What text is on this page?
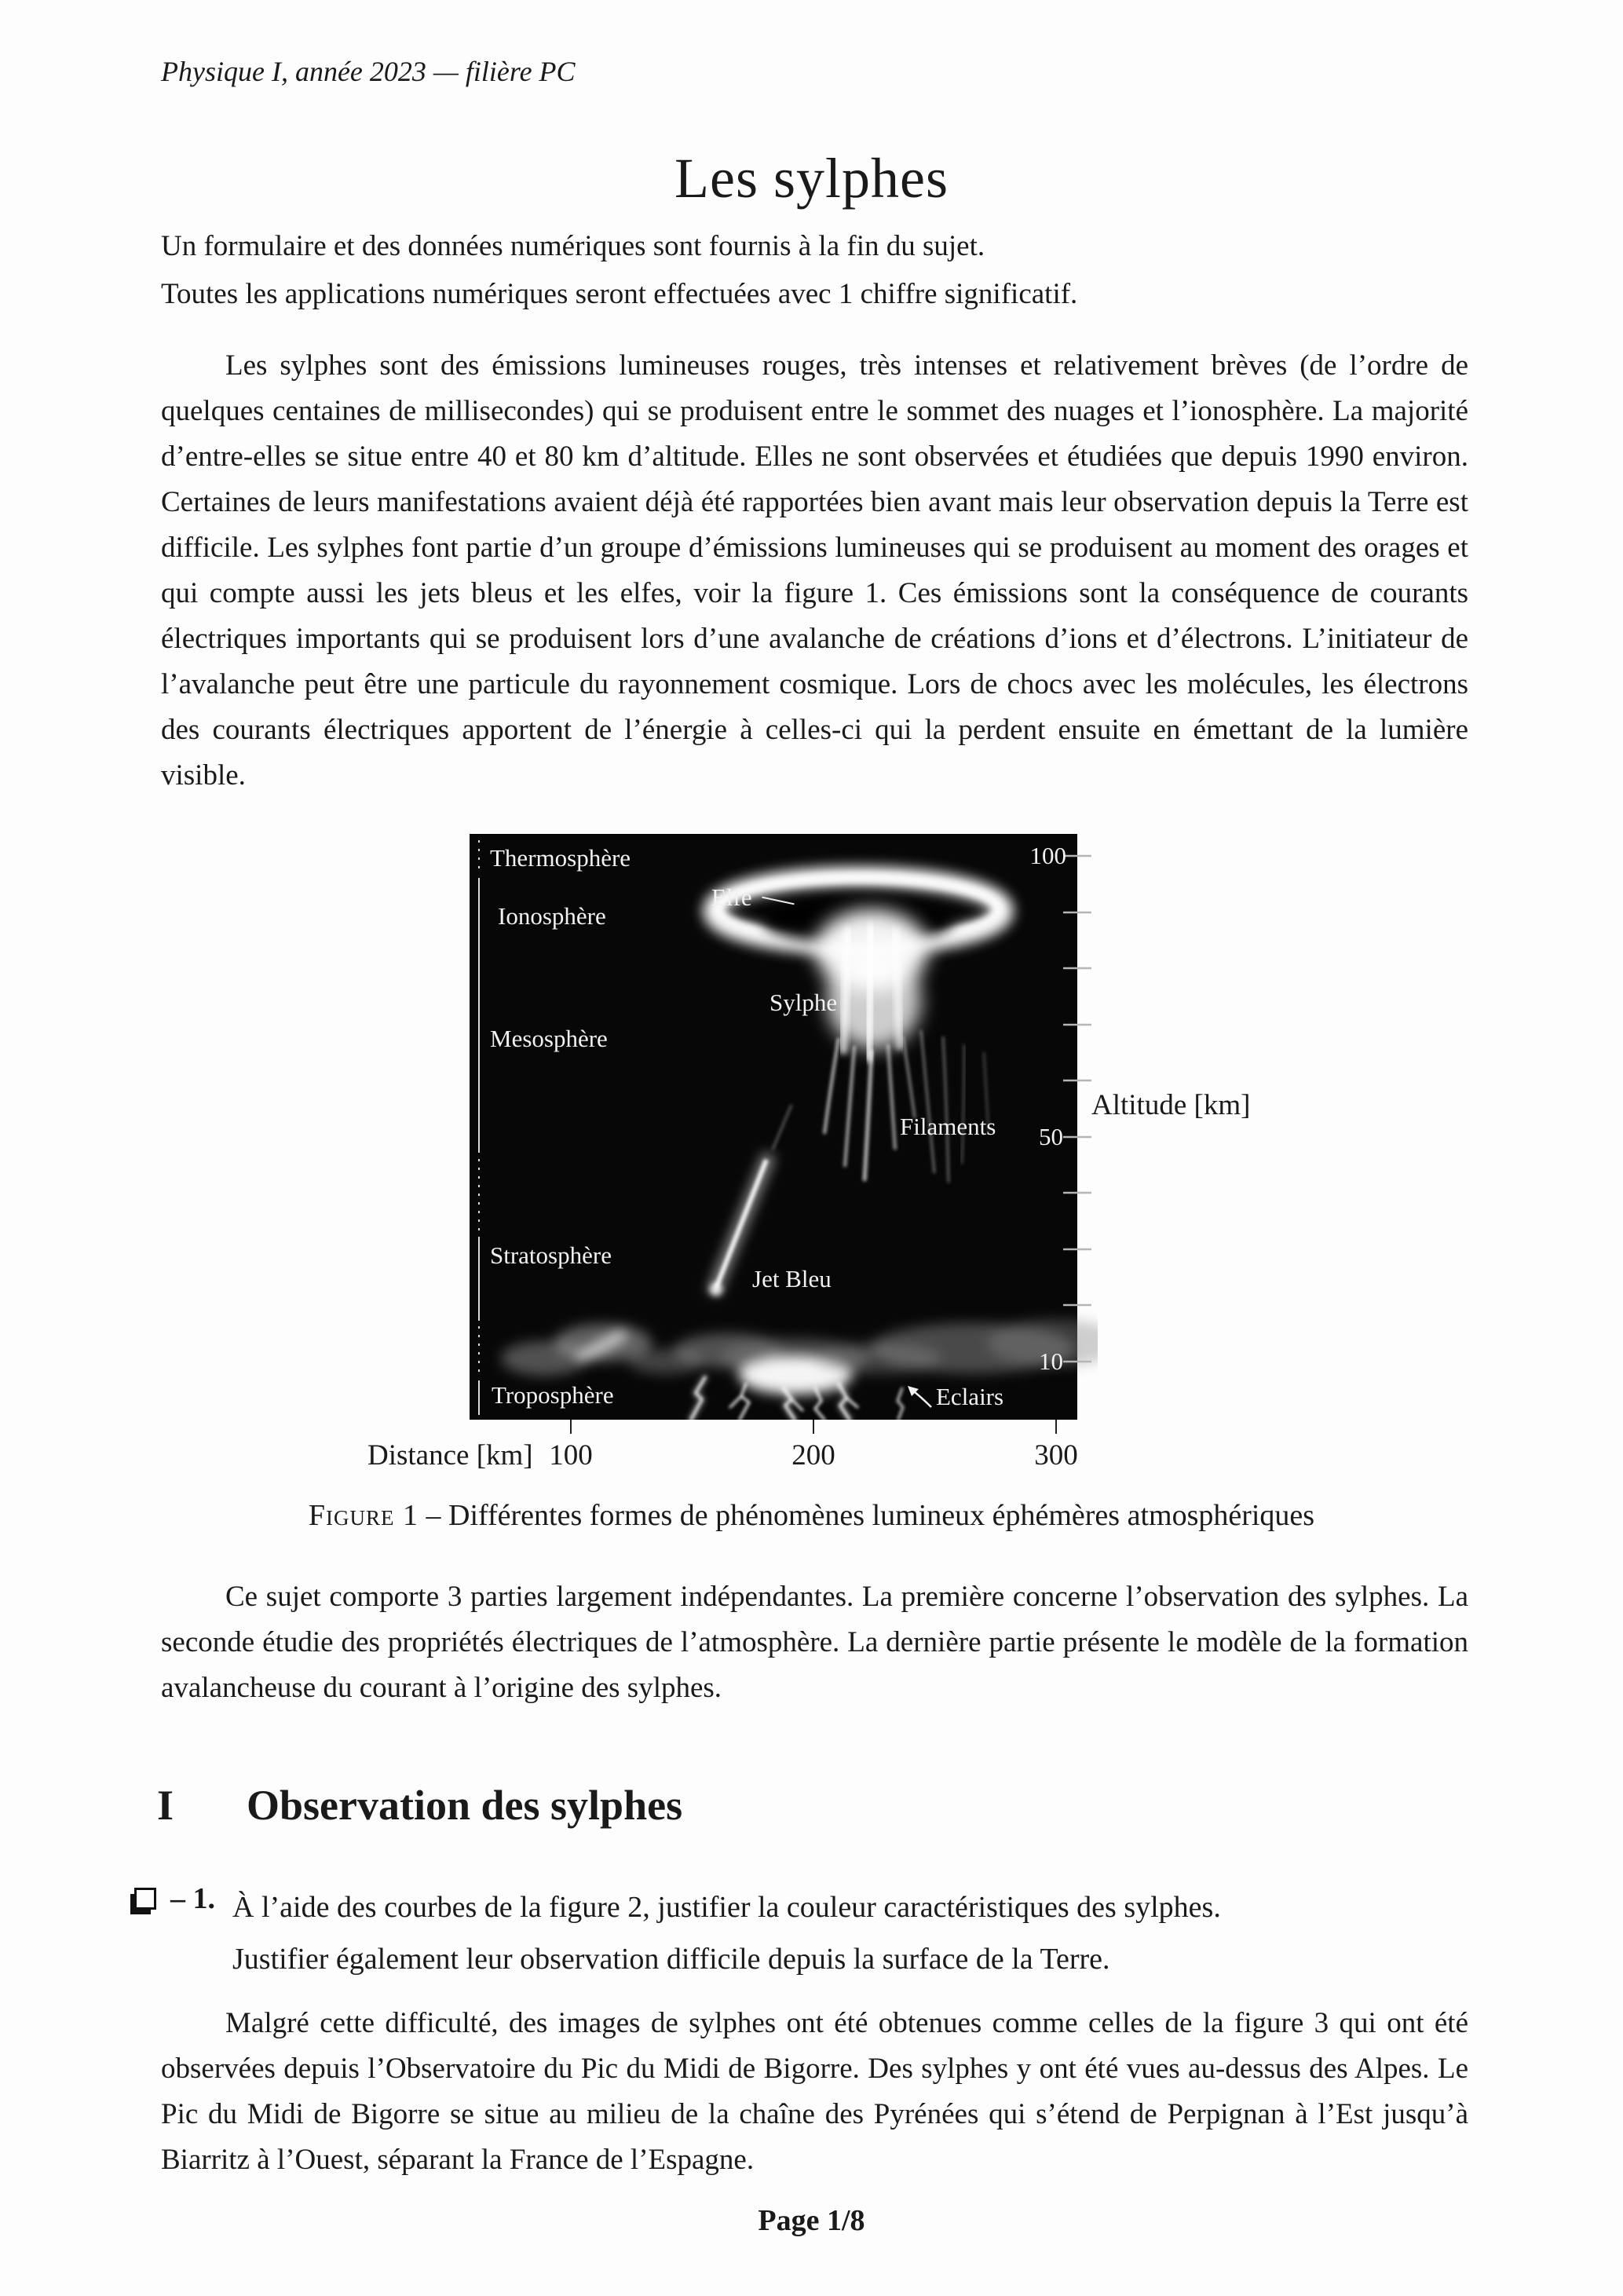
Physique I, année 2023 — filière PC
Les sylphes
Un formulaire et des données numériques sont fournis à la fin du sujet.
Toutes les applications numériques seront effectuées avec 1 chiffre significatif.
Les sylphes sont des émissions lumineuses rouges, très intenses et relativement brèves (de l’ordre de quelques centaines de millisecondes) qui se produisent entre le sommet des nuages et l’ionosphère. La majorité d’entre-elles se situe entre 40 et 80 km d’altitude. Elles ne sont observées et étudiées que depuis 1990 environ. Certaines de leurs manifestations avaient déjà été rapportées bien avant mais leur observation depuis la Terre est difficile. Les sylphes font partie d’un groupe d’émissions lumineuses qui se produisent au moment des orages et qui compte aussi les jets bleus et les elfes, voir la figure 1. Ces émissions sont la conséquence de courants électriques importants qui se produisent lors d’une avalanche de créations d’ions et d’électrons. L’initiateur de l’avalanche peut être une particule du rayonnement cosmique. Lors de chocs avec les molécules, les électrons des courants électriques apportent de l’énergie à celles-ci qui la perdent ensuite en émettant de la lumière visible.
Thermosphère
Ionosphère
Mesosphère
Stratosphère
Troposphère
Elfe
Sylphe
Filaments
Jet Bleu
Eclairs
100
50
10
Altitude [km]
Distance [km] 100	200	300
Figure 1 – Différentes formes de phénomènes lumineux éphémères atmosphériques
Ce sujet comporte 3 parties largement indépendantes. La première concerne l’observation des sylphes. La seconde étudie des propriétés électriques de l’atmosphère. La dernière partie présente le modèle de la formation avalancheuse du courant à l’origine des sylphes.
I Observation des sylphes
– 1. À l’aide des courbes de la figure 2, justifier la couleur caractéristiques des sylphes.
Justifier également leur observation difficile depuis la surface de la Terre.
Malgré cette difficulté, des images de sylphes ont été obtenues comme celles de la figure 3 qui ont été observées depuis l’Observatoire du Pic du Midi de Bigorre. Des sylphes y ont été vues au-dessus des Alpes. Le Pic du Midi de Bigorre se situe au milieu de la chaîne des Pyrénées qui s’étend de Perpignan à l’Est jusqu’à Biarritz à l’Ouest, séparant la France de l’Espagne.
Page 1/8
